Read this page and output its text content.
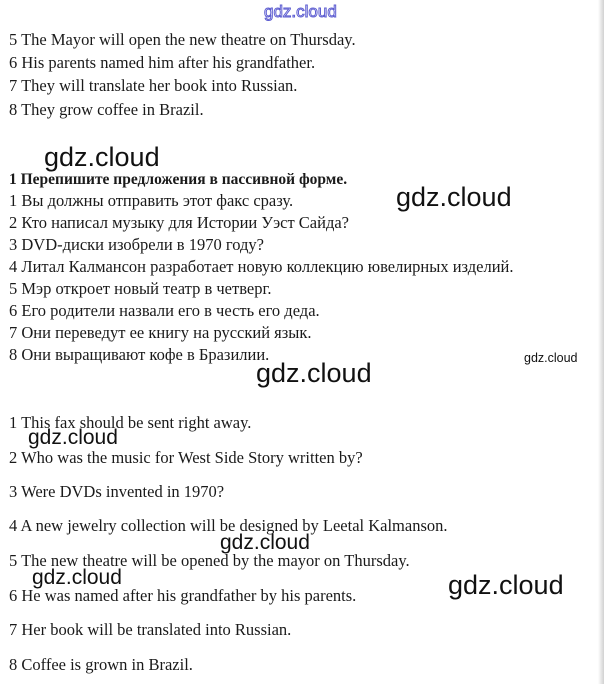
5 The Mayor will open the new theatre on Thursday.
6 His parents named him after his grandfather.
7 They will translate her book into Russian.
8 They grow coffee in Brazil.
1 Перепишите предложения в пассивной форме.
1 Вы должны отправить этот факс сразу.
2 Кто написал музыку для Истории Уэст Сайда?
3 DVD-диски изобрели в 1970 году?
4 Литал Калмансон разработает новую коллекцию ювелирных изделий.
5 Мэр откроет новый театр в четверг.
6 Его родители назвали его в честь его деда.
7 Они переведут ее книгу на русский язык.
8 Они выращивают кофе в Бразилии.
1 This fax should be sent right away.
2 Who was the music for West Side Story written by?
3 Were DVDs invented in 1970?
4 A new jewelry collection will be designed by Leetal Kalmanson.
5 The new theatre will be opened by the mayor on Thursday.
6 He was named after his grandfather by his parents.
7 Her book will be translated into Russian.
8 Coffee is grown in Brazil.
gdz.cloud
gdz.cloud
gdz.cloud
gdz.cloud
gdz.cloud
gdz.cloud
gdz.cloud
gdz.cloud	gdz.cloud
